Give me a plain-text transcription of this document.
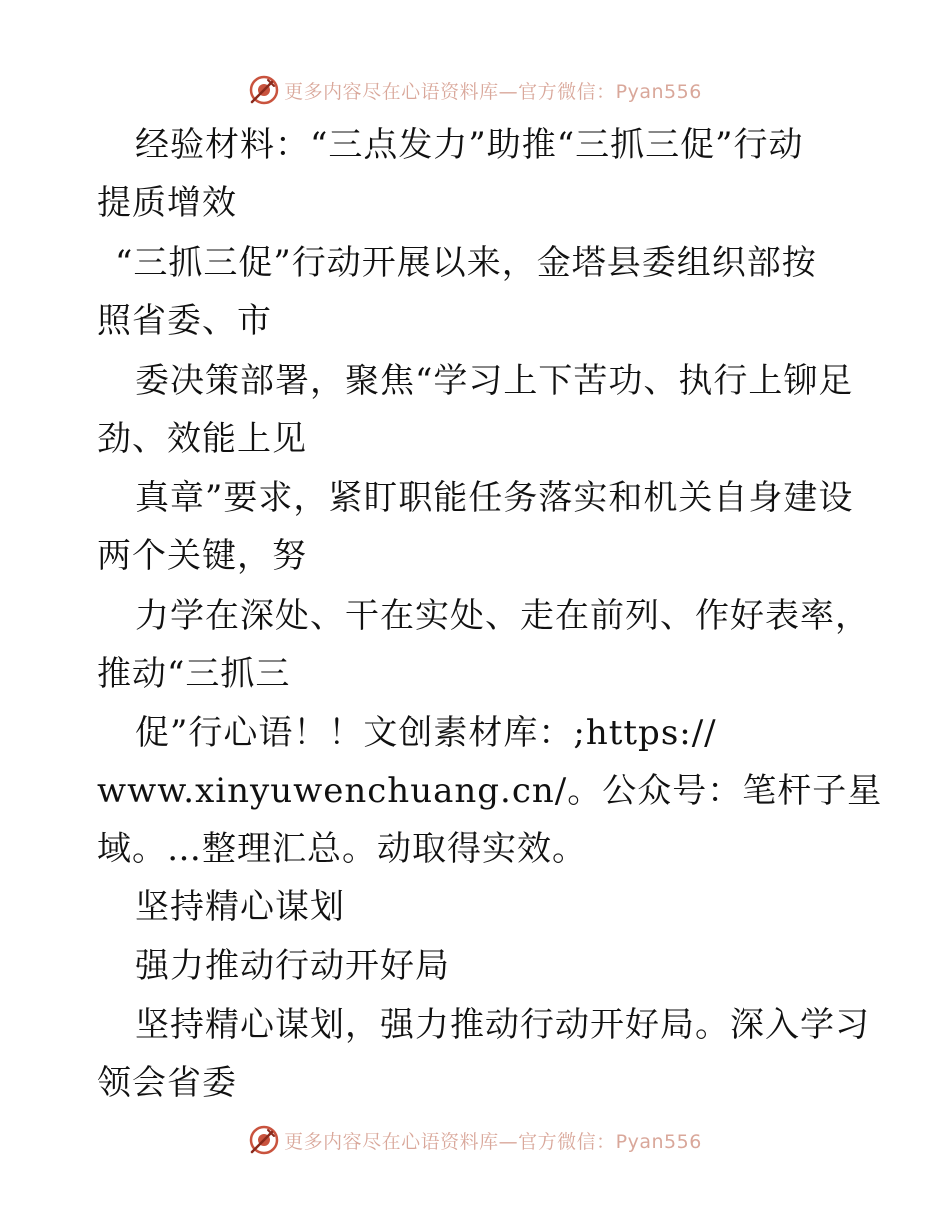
更多内容尽在心语资料库—官方微信：Pyan556
经验材料：“三点发力”助推“三抓三促”行动
提质增效
“三抓三促”行动开展以来，金塔县委组织部按
照省委、市
委决策部署，聚焦“学习上下苦功、执行上铆足
劲、效能上见
真章”要求，紧盯职能任务落实和机关自身建设
两个关键，努
力学在深处、干在实处、走在前列、作好表率，
推动“三抓三
促”行心语！！文创素材库：;https://
www.xinyuwenchuang.cn/。公众号：笔杆子星
域。…整理汇总。动取得实效。
坚持精心谋划
强力推动行动开好局
坚持精心谋划，强力推动行动开好局。深入学习
领会省委
更多内容尽在心语资料库—官方微信：Pyan556
